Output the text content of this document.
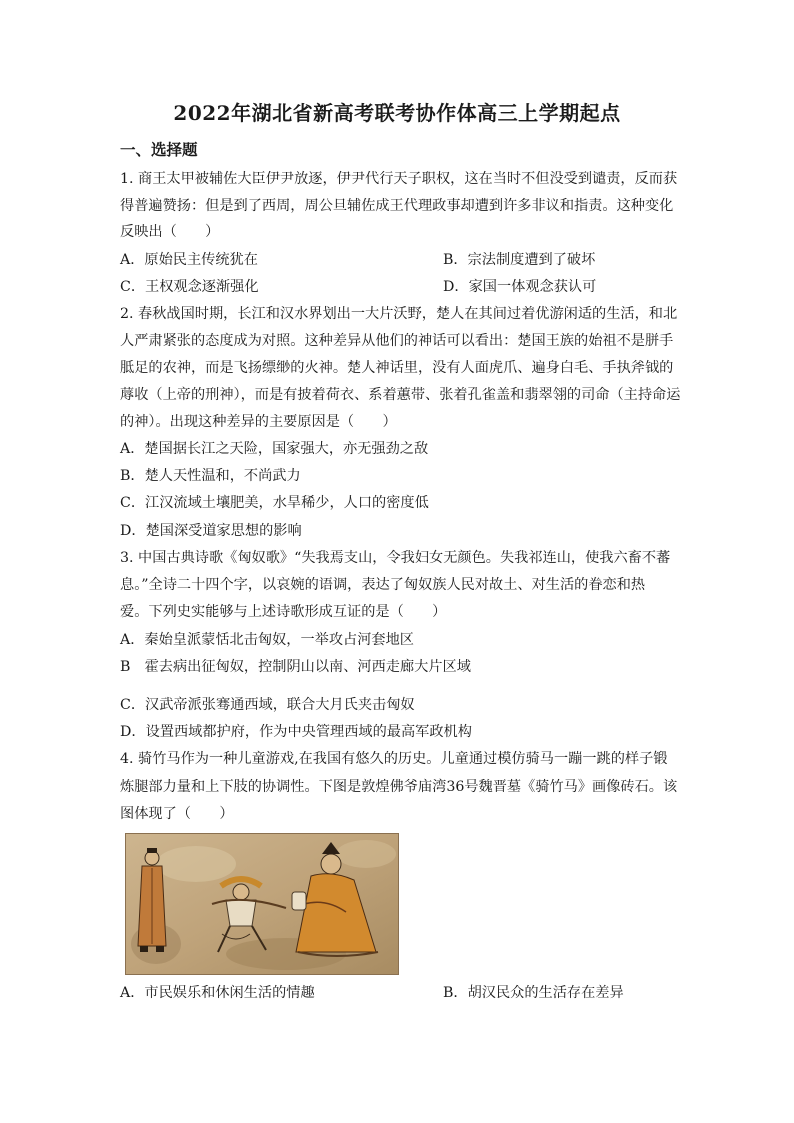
2022年湖北省新高考联考协作体高三上学期起点
一、选择题
1. 商王太甲被辅佐大臣伊尹放逐，伊尹代行天子职权，这在当时不但没受到谴责，反而获
得普遍赞扬：但是到了西周，周公旦辅佐成王代理政事却遭到许多非议和指责。这种变化
反映出（　　）
A．原始民主传统犹在	B．宗法制度遭到了破坏
C．王权观念逐渐强化	D．家国一体观念获认可
2. 春秋战国时期，长江和汉水界划出一大片沃野，楚人在其间过着优游闲适的生活，和北
人严肃紧张的态度成为对照。这种差异从他们的神话可以看出：楚国王族的始祖不是胼手
胝足的农神，而是飞扬缥缈的火神。楚人神话里，没有人面虎爪、遍身白毛、手执斧钺的
蓐收（上帝的刑神），而是有披着荷衣、系着蕙带、张着孔雀盖和翡翠翎的司命（主持命运
的神）。出现这种差异的主要原因是（　　）
A．楚国据长江之天险，国家强大，亦无强劲之敌
B．楚人天性温和，不尚武力
C．江汉流域土壤肥美，水旱稀少，人口的密度低
D．楚国深受道家思想的影响
3. 中国古典诗歌《匈奴歌》“失我焉支山，令我妇女无颜色。失我祁连山，使我六畜不蕃
息。”全诗二十四个字，以哀婉的语调，表达了匈奴族人民对故土、对生活的眷恋和热
爱。下列史实能够与上述诗歌形成互证的是（　　）
A．秦始皇派蒙恬北击匈奴，一举攻占河套地区
B　霍去病出征匈奴，控制阴山以南、河西走廊大片区域
C．汉武帝派张骞通西域，联合大月氏夹击匈奴
D．设置西域都护府，作为中央管理西域的最高军政机构
4. 骑竹马作为一种儿童游戏,在我国有悠久的历史。儿童通过模仿骑马一蹦一跳的样子锻
炼腿部力量和上下肢的协调性。下图是敦煌佛爷庙湾36号魏晋墓《骑竹马》画像砖石。该
图体现了（　　）
A．市民娱乐和休闲生活的情趣	B．胡汉民众的生活存在差异
